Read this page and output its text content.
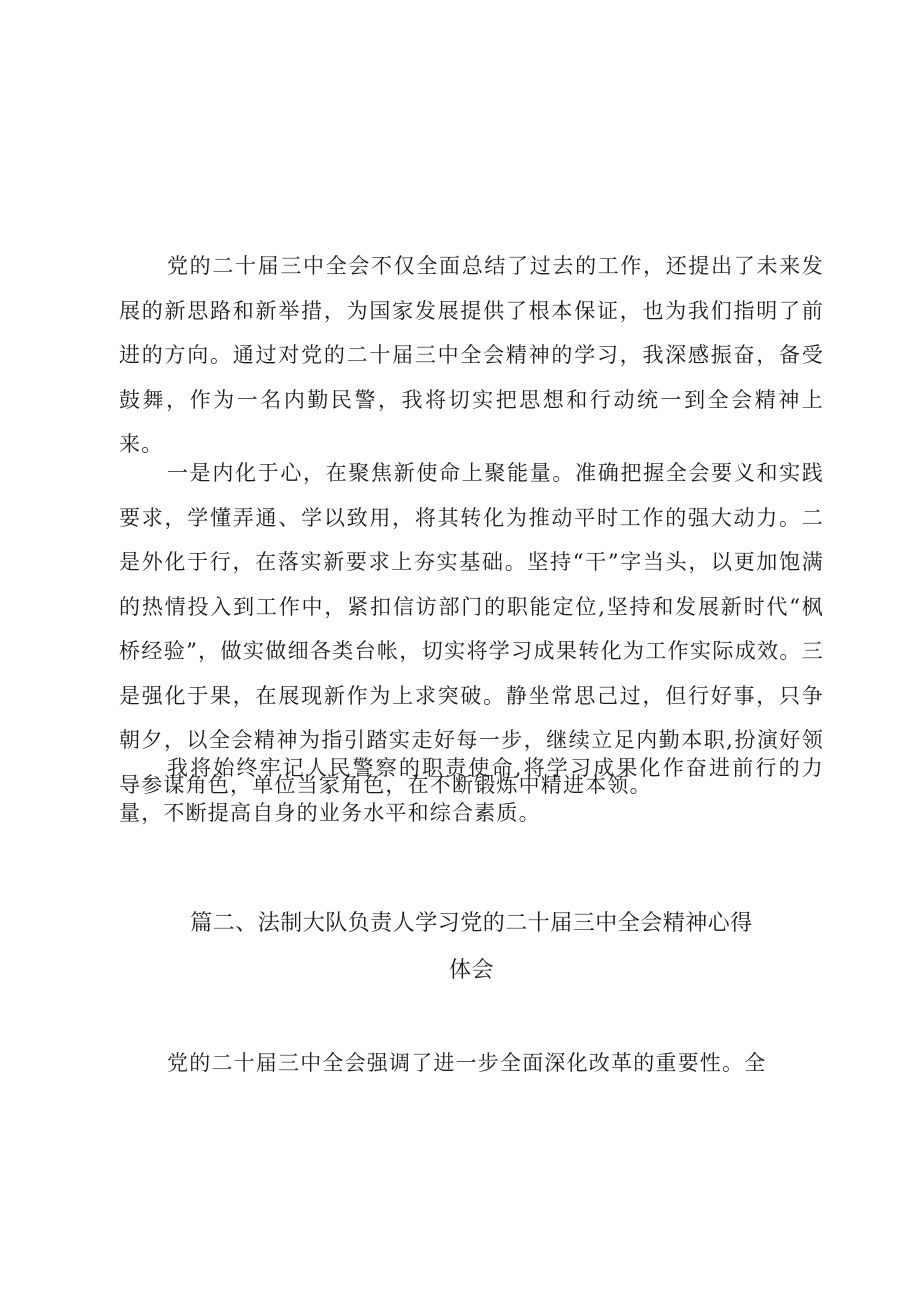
党的二十届三中全会不仅全面总结了过去的工作，还提出了未来发展的新思路和新举措，为国家发展提供了根本保证，也为我们指明了前进的方向。通过对党的二十届三中全会精神的学习，我深感振奋，备受鼓舞，作为一名内勤民警，我将切实把思想和行动统一到全会精神上来。

一是内化于心，在聚焦新使命上聚能量。准确把握全会要义和实践要求，学懂弄通、学以致用，将其转化为推动平时工作的强大动力。二是外化于行，在落实新要求上夯实基础。坚持“干”字当头，以更加饱满的热情投入到工作中，紧扣信访部门的职能定位,坚持和发展新时代“枫桥经验”，做实做细各类台帐，切实将学习成果转化为工作实际成效。三是强化于果，在展现新作为上求突破。静坐常思己过，但行好事，只争朝夕，以全会精神为指引踏实走好每一步，继续立足内勤本职,扮演好领导参谋角色，单位当家角色，在不断锻炼中精进本领。

我将始终牢记人民警察的职责使命,将学习成果化作奋进前行的力量，不断提高自身的业务水平和综合素质。

篇二、法制大队负责人学习党的二十届三中全会精神心得
体会

党的二十届三中全会强调了进一步全面深化改革的重要性。全
